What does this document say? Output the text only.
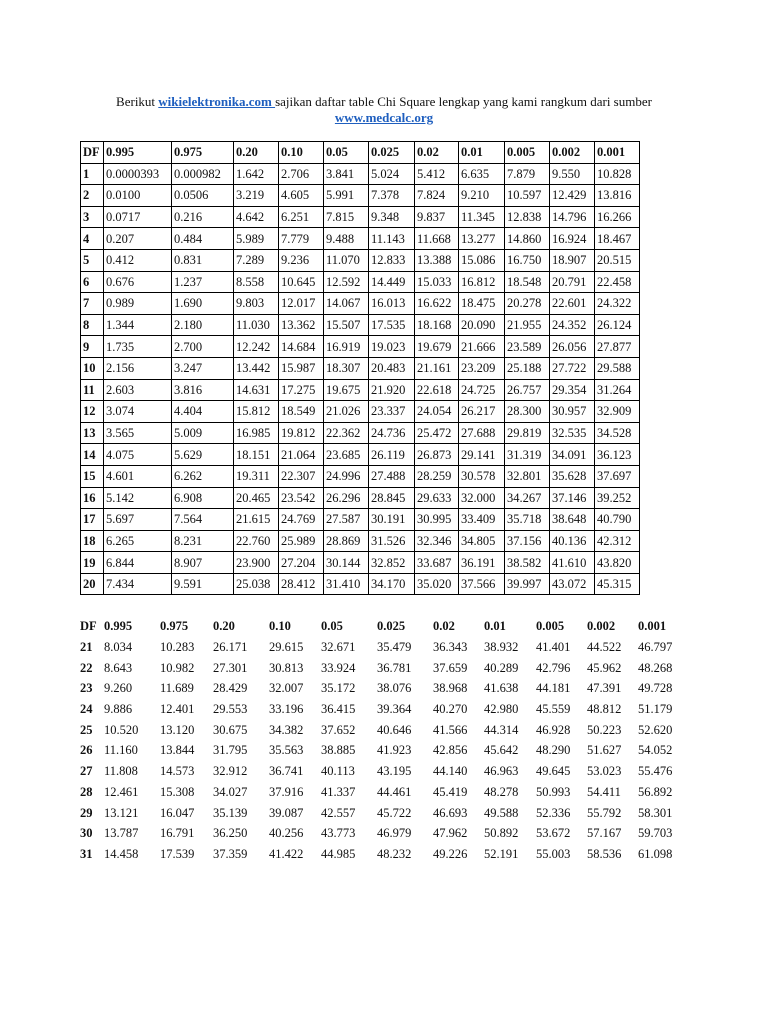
Berikut wikielektronika.com sajikan daftar table Chi Square lengkap yang kami rangkum dari sumber
www.medcalc.org
DF	0.995	0.975	0.20	0.10	0.05	0.025	0.02	0.01	0.005	0.002	0.001
1	0.0000393	0.000982	1.642	2.706	3.841	5.024	5.412	6.635	7.879	9.550	10.828
2	0.0100	0.0506	3.219	4.605	5.991	7.378	7.824	9.210	10.597	12.429	13.816
3	0.0717	0.216	4.642	6.251	7.815	9.348	9.837	11.345	12.838	14.796	16.266
4	0.207	0.484	5.989	7.779	9.488	11.143	11.668	13.277	14.860	16.924	18.467
5	0.412	0.831	7.289	9.236	11.070	12.833	13.388	15.086	16.750	18.907	20.515
6	0.676	1.237	8.558	10.645	12.592	14.449	15.033	16.812	18.548	20.791	22.458
7	0.989	1.690	9.803	12.017	14.067	16.013	16.622	18.475	20.278	22.601	24.322
8	1.344	2.180	11.030	13.362	15.507	17.535	18.168	20.090	21.955	24.352	26.124
9	1.735	2.700	12.242	14.684	16.919	19.023	19.679	21.666	23.589	26.056	27.877
10	2.156	3.247	13.442	15.987	18.307	20.483	21.161	23.209	25.188	27.722	29.588
11	2.603	3.816	14.631	17.275	19.675	21.920	22.618	24.725	26.757	29.354	31.264
12	3.074	4.404	15.812	18.549	21.026	23.337	24.054	26.217	28.300	30.957	32.909
13	3.565	5.009	16.985	19.812	22.362	24.736	25.472	27.688	29.819	32.535	34.528
14	4.075	5.629	18.151	21.064	23.685	26.119	26.873	29.141	31.319	34.091	36.123
15	4.601	6.262	19.311	22.307	24.996	27.488	28.259	30.578	32.801	35.628	37.697
16	5.142	6.908	20.465	23.542	26.296	28.845	29.633	32.000	34.267	37.146	39.252
17	5.697	7.564	21.615	24.769	27.587	30.191	30.995	33.409	35.718	38.648	40.790
18	6.265	8.231	22.760	25.989	28.869	31.526	32.346	34.805	37.156	40.136	42.312
19	6.844	8.907	23.900	27.204	30.144	32.852	33.687	36.191	38.582	41.610	43.820
20	7.434	9.591	25.038	28.412	31.410	34.170	35.020	37.566	39.997	43.072	45.315
DF	0.995	0.975	0.20	0.10	0.05	0.025	0.02	0.01	0.005	0.002	0.001
21	8.034	10.283	26.171	29.615	32.671	35.479	36.343	38.932	41.401	44.522	46.797
22	8.643	10.982	27.301	30.813	33.924	36.781	37.659	40.289	42.796	45.962	48.268
23	9.260	11.689	28.429	32.007	35.172	38.076	38.968	41.638	44.181	47.391	49.728
24	9.886	12.401	29.553	33.196	36.415	39.364	40.270	42.980	45.559	48.812	51.179
25	10.520	13.120	30.675	34.382	37.652	40.646	41.566	44.314	46.928	50.223	52.620
26	11.160	13.844	31.795	35.563	38.885	41.923	42.856	45.642	48.290	51.627	54.052
27	11.808	14.573	32.912	36.741	40.113	43.195	44.140	46.963	49.645	53.023	55.476
28	12.461	15.308	34.027	37.916	41.337	44.461	45.419	48.278	50.993	54.411	56.892
29	13.121	16.047	35.139	39.087	42.557	45.722	46.693	49.588	52.336	55.792	58.301
30	13.787	16.791	36.250	40.256	43.773	46.979	47.962	50.892	53.672	57.167	59.703
31	14.458	17.539	37.359	41.422	44.985	48.232	49.226	52.191	55.003	58.536	61.098
